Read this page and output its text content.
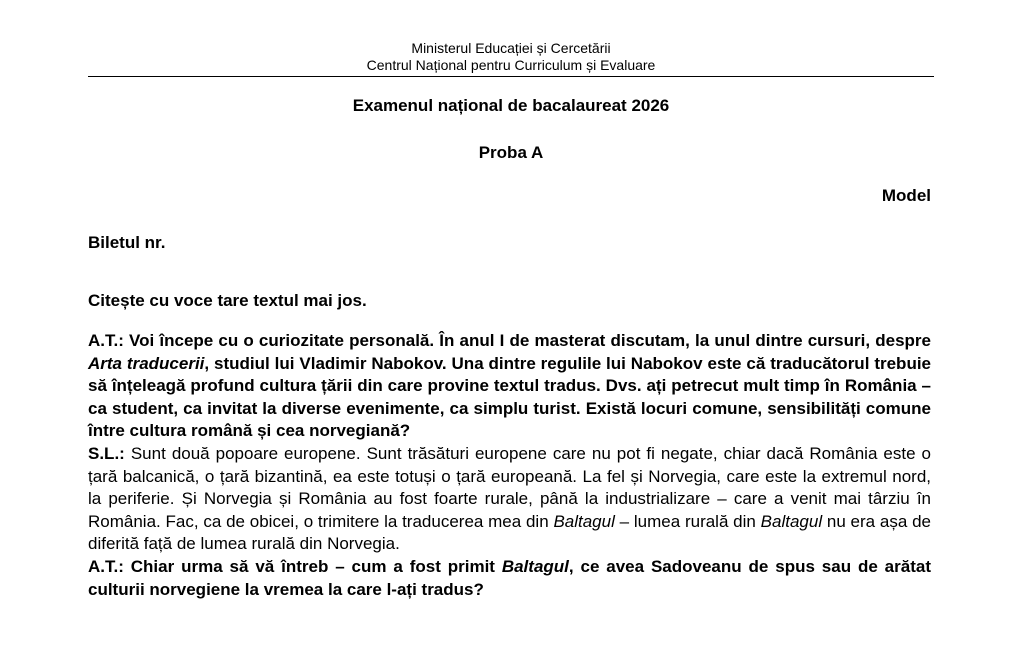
Ministerul Educației și Cercetării
Centrul Național pentru Curriculum și Evaluare
Examenul național de bacalaureat 2026
Proba A
Model
Biletul nr.
Citește cu voce tare textul mai jos.

A.T.: Voi începe cu o curiozitate personală. În anul I de masterat discutam, la unul dintre cursuri, despre Arta traducerii, studiul lui Vladimir Nabokov. Una dintre regulile lui Nabokov este că traducătorul trebuie să înțeleagă profund cultura țării din care provine textul tradus. Dvs. ați petrecut mult timp în România – ca student, ca invitat la diverse evenimente, ca simplu turist. Există locuri comune, sensibilități comune între cultura română și cea norvegiană?

S.L.: Sunt două popoare europene. Sunt trăsături europene care nu pot fi negate, chiar dacă România este o țară balcanică, o țară bizantină, ea este totuși o țară europeană. La fel și Norvegia, care este la extremul nord, la periferie. Și Norvegia și România au fost foarte rurale, până la industrializare – care a venit mai târziu în România. Fac, ca de obicei, o trimitere la traducerea mea din Baltagul – lumea rurală din Baltagul nu era așa de diferită față de lumea rurală din Norvegia.

A.T.: Chiar urma să vă întreb – cum a fost primit Baltagul, ce avea Sadoveanu de spus sau de arătat culturii norvegiene la vremea la care l-ați tradus?
